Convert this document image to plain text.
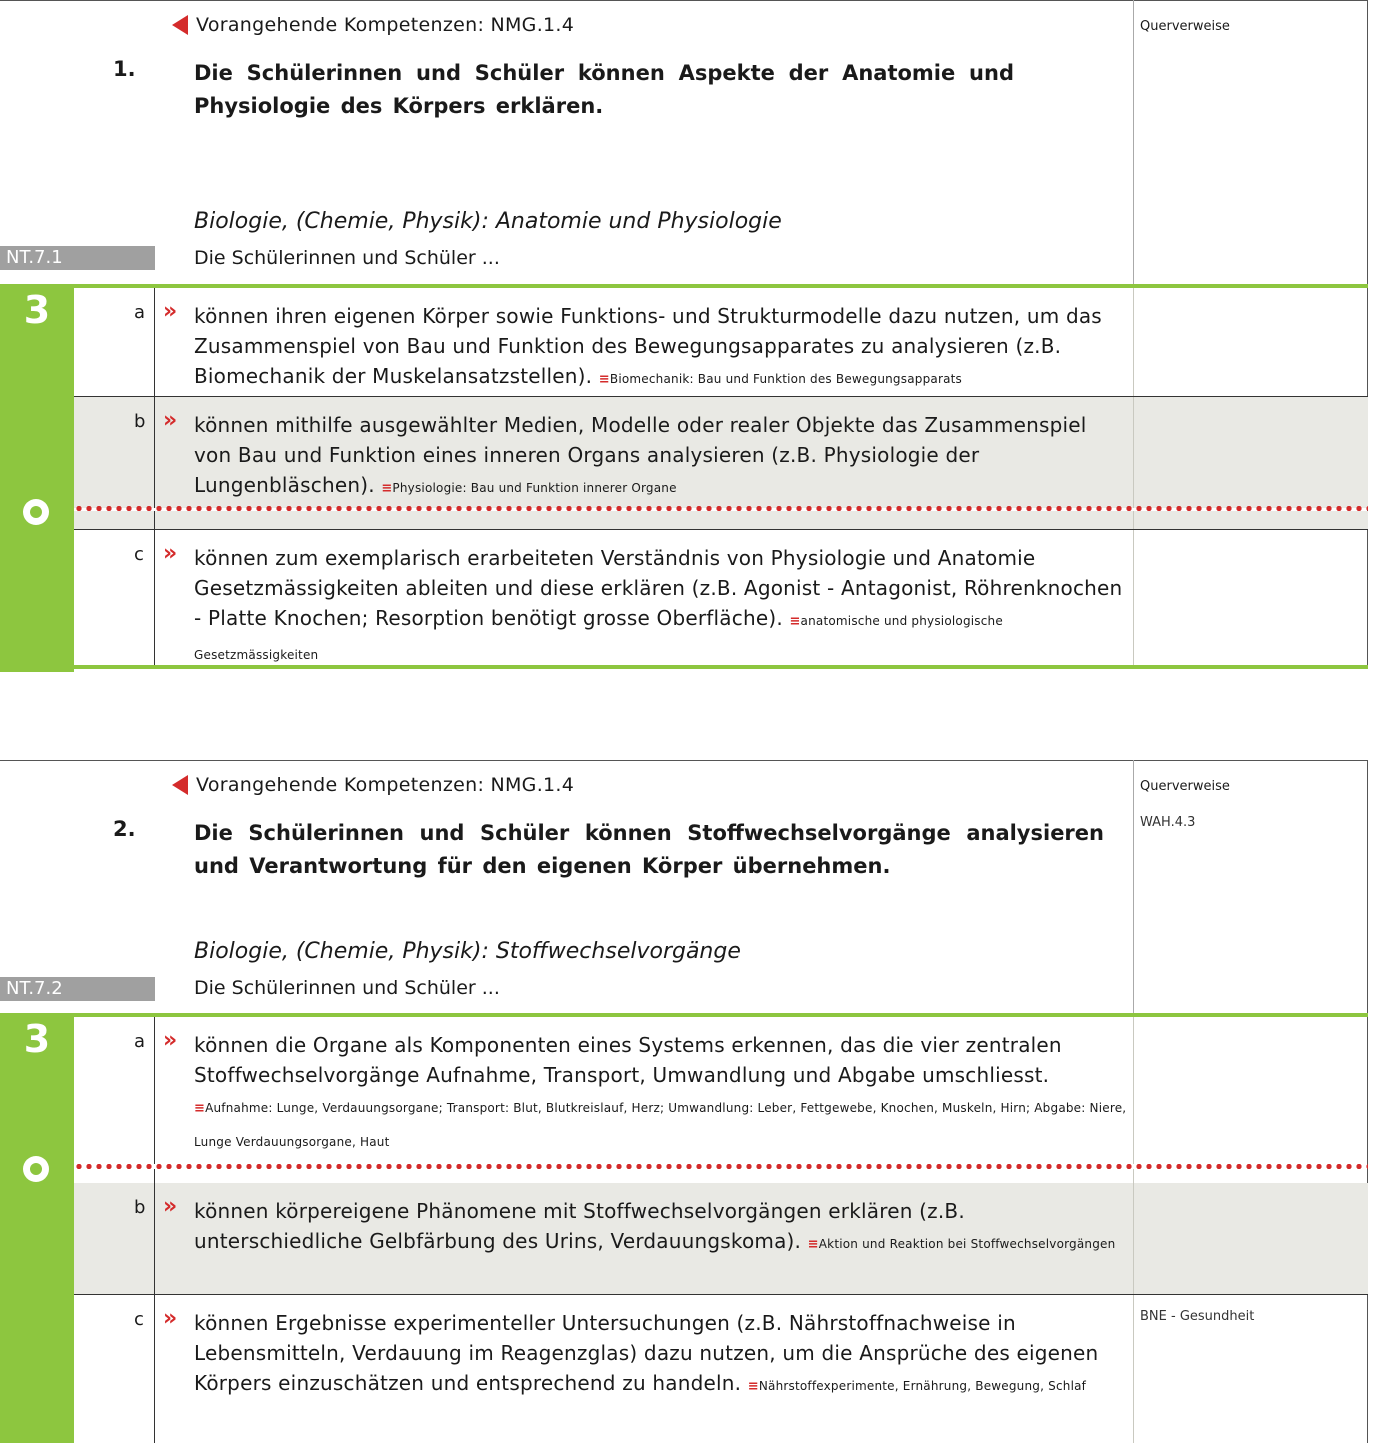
Vorangehende Kompetenzen: NMG.1.4	Querverweise
1.	Die Schülerinnen und Schüler können Aspekte der Anatomie und Physiologie des Körpers erklären.
Biologie, (Chemie, Physik): Anatomie und Physiologie
NT.7.1	Die Schülerinnen und Schüler ...
3	a » können ihren eigenen Körper sowie Funktions- und Strukturmodelle dazu nutzen, um das Zusammenspiel von Bau und Funktion des Bewegungsapparates zu analysieren (z.B. Biomechanik der Muskelansatzstellen). ≡Biomechanik: Bau und Funktion des Bewegungsapparats
b » können mithilfe ausgewählter Medien, Modelle oder realer Objekte das Zusammenspiel von Bau und Funktion eines inneren Organs analysieren (z.B. Physiologie der Lungenbläschen). ≡Physiologie: Bau und Funktion innerer Organe
c » können zum exemplarisch erarbeiteten Verständnis von Physiologie und Anatomie Gesetzmässigkeiten ableiten und diese erklären (z.B. Agonist - Antagonist, Röhrenknochen - Platte Knochen; Resorption benötigt grosse Oberfläche). ≡anatomische und physiologische Gesetzmässigkeiten
Vorangehende Kompetenzen: NMG.1.4	Querverweise
WAH.4.3
2.	Die Schülerinnen und Schüler können Stoffwechselvorgänge analysieren und Verantwortung für den eigenen Körper übernehmen.
Biologie, (Chemie, Physik): Stoffwechselvorgänge
NT.7.2	Die Schülerinnen und Schüler ...
3	a » können die Organe als Komponenten eines Systems erkennen, das die vier zentralen Stoffwechselvorgänge Aufnahme, Transport, Umwandlung und Abgabe umschliesst. ≡Aufnahme: Lunge, Verdauungsorgane; Transport: Blut, Blutkreislauf, Herz; Umwandlung: Leber, Fettgewebe, Knochen, Muskeln, Hirn; Abgabe: Niere, Lunge Verdauungsorgane, Haut
b » können körpereigene Phänomene mit Stoffwechselvorgängen erklären (z.B. unterschiedliche Gelbfärbung des Urins, Verdauungskoma). ≡Aktion und Reaktion bei Stoffwechselvorgängen
c » können Ergebnisse experimenteller Untersuchungen (z.B. Nährstoffnachweise in Lebensmitteln, Verdauung im Reagenzglas) dazu nutzen, um die Ansprüche des eigenen Körpers einzuschätzen und entsprechend zu handeln. ≡Nährstoffexperimente, Ernährung, Bewegung, Schlaf
BNE - Gesundheit
